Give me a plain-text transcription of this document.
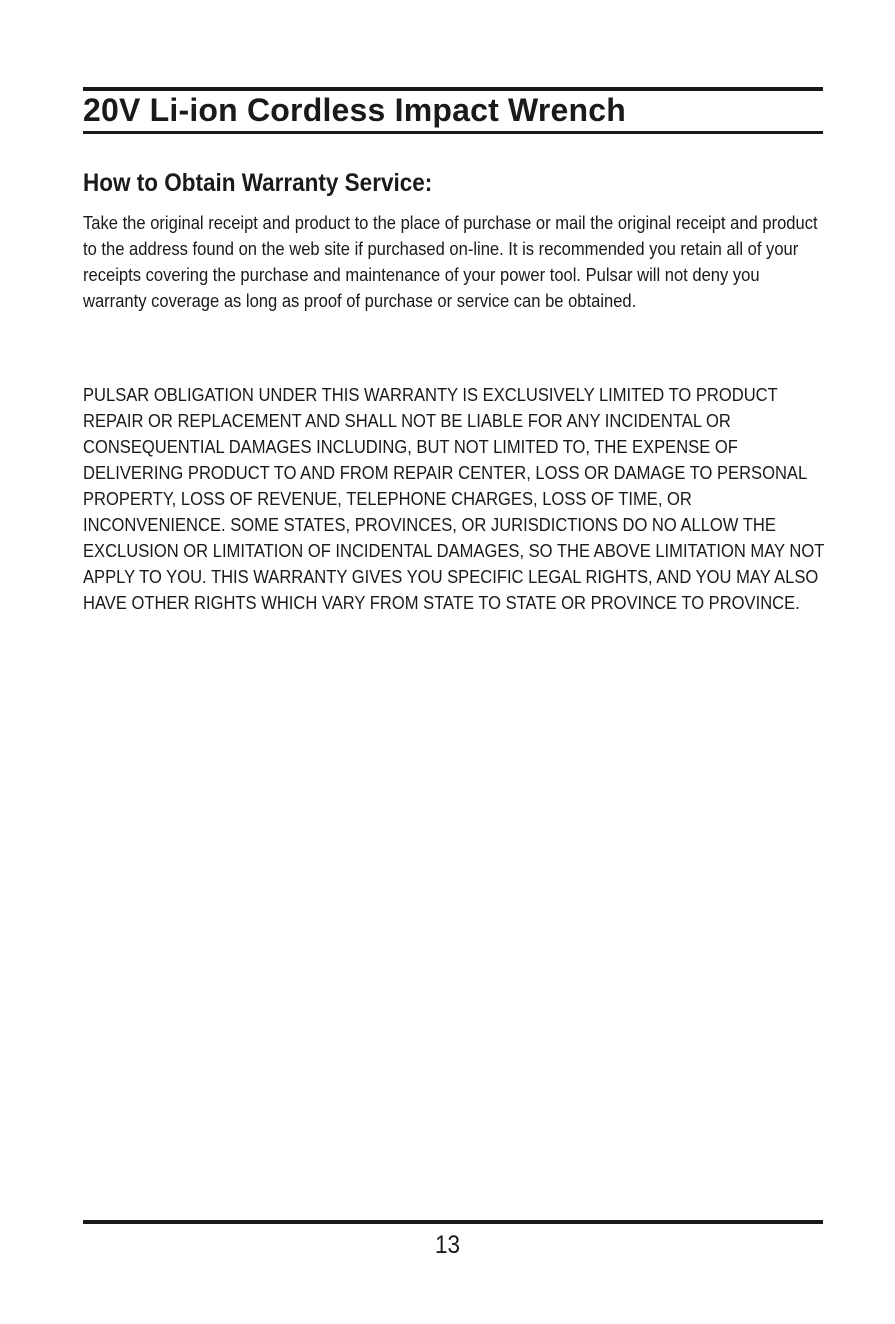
20V Li-ion Cordless Impact Wrench
How to Obtain Warranty Service:

Take the original receipt and product to the place of purchase or mail the original receipt and product to the address found on the web site if purchased on-line. It is recommended you retain all of your receipts covering the purchase and maintenance of your power tool. Pulsar will not deny you warranty coverage as long as proof of purchase or service can be obtained.

PULSAR OBLIGATION UNDER THIS WARRANTY IS EXCLUSIVELY LIMITED TO PRODUCT REPAIR OR REPLACEMENT AND SHALL NOT BE LIABLE FOR ANY INCIDENTAL OR CONSEQUENTIAL DAMAGES INCLUDING, BUT NOT LIMITED TO, THE EXPENSE OF DELIVERING PRODUCT TO AND FROM REPAIR CENTER, LOSS OR DAMAGE TO PERSONAL PROPERTY, LOSS OF REVENUE, TELEPHONE CHARGES, LOSS OF TIME, OR INCONVENIENCE. SOME STATES, PROVINCES, OR JURISDICTIONS DO NO ALLOW THE EXCLUSION OR LIMITATION OF INCIDENTAL DAMAGES, SO THE ABOVE LIMITATION MAY NOT APPLY TO YOU. THIS WARRANTY GIVES YOU SPECIFIC LEGAL RIGHTS, AND YOU MAY ALSO HAVE OTHER RIGHTS WHICH VARY FROM STATE TO STATE OR PROVINCE TO PROVINCE.

13
